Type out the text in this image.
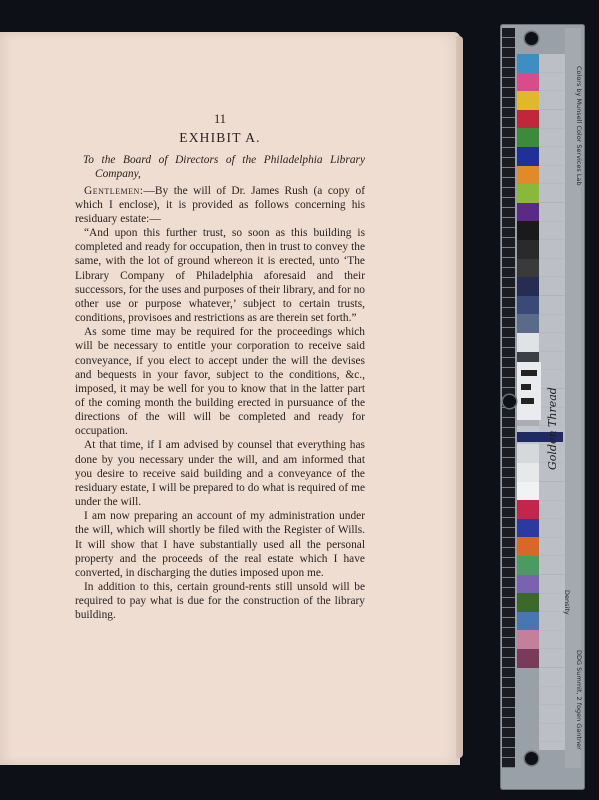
11
EXHIBIT A.

To the Board of Directors of the Philadelphia Library Company,

Gentlemen:—By the will of Dr. James Rush (a copy of which I enclose), it is provided as follows concerning his residuary estate:—

“And upon this further trust, so soon as this building is completed and ready for occupation, then in trust to convey the same, with the lot of ground whereon it is erected, unto ‘The Library Company of Philadelphia aforesaid and their successors, for the uses and purposes of their library, and for no other use or purpose whatever,’ subject to certain trusts, conditions, provisoes and restrictions as are therein set forth.”

As some time may be required for the proceedings which will be necessary to entitle your corporation to receive said conveyance, if you elect to accept under the will the devises and bequests in your favor, subject to the conditions, &c., imposed, it may be well for you to know that in the latter part of the coming month the building erected in pursuance of the directions of the will will be completed and ready for occupation.

At that time, if I am advised by counsel that everything has done by you necessary under the will, and am informed that you desire to receive said building and a conveyance of the residuary estate, I will be prepared to do what is required of me under the will.

I am now preparing an account of my administration under the will, which will shortly be filed with the Register of Wills. It will show that I have substantially used all the personal property and the proceeds of the real estate which I have converted, in discharging the duties imposed upon me.

In addition to this, certain ground-rents still unsold will be required to pay what is due for the construction of the library building.

Golden Thread
Colors by Munsell Color Services Lab
DDG Summit, 2 fogen Gantner
Density
